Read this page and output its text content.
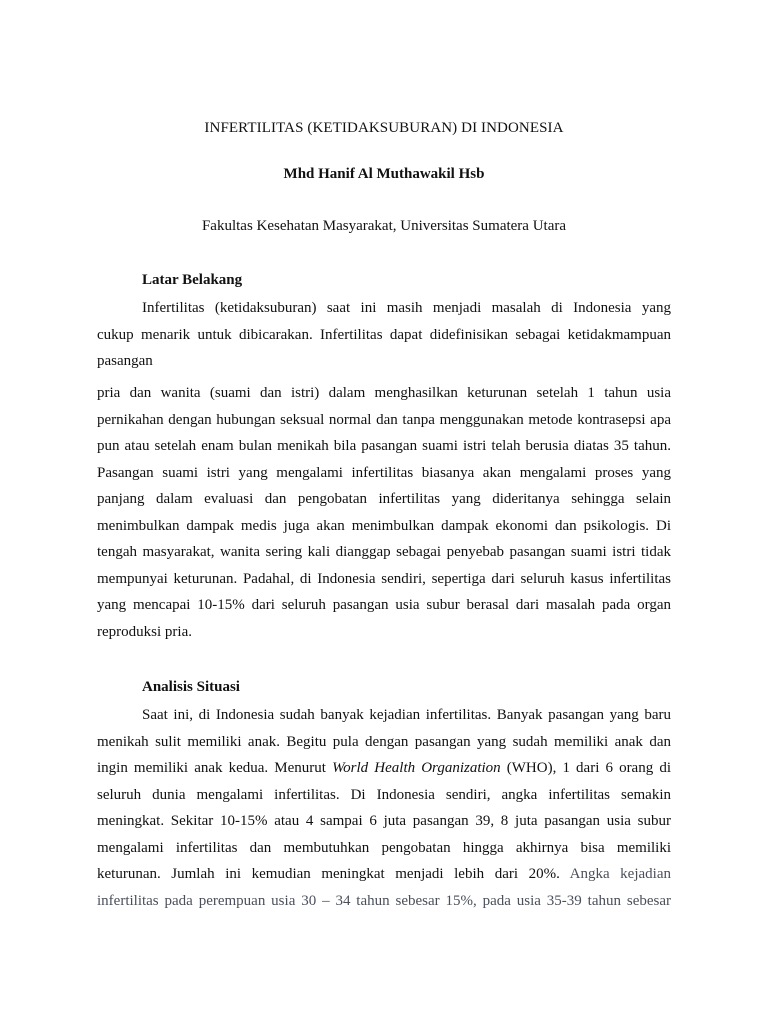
INFERTILITAS (KETIDAKSUBURAN) DI INDONESIA
Mhd Hanif Al Muthawakil Hsb
Fakultas Kesehatan Masyarakat, Universitas Sumatera Utara
Latar Belakang
Infertilitas (ketidaksuburan) saat ini masih menjadi masalah di Indonesia yang
cukup menarik untuk dibicarakan. Infertilitas dapat didefinisikan sebagai ketidakmampuan
pasangan
pria dan wanita (suami dan istri) dalam menghasilkan keturunan setelah 1 tahun usia
pernikahan dengan hubungan seksual normal dan tanpa menggunakan metode kontrasepsi apa
pun atau setelah enam bulan menikah bila pasangan suami istri telah berusia diatas 35 tahun.
Pasangan suami istri yang mengalami infertilitas biasanya akan mengalami proses yang
panjang dalam evaluasi dan pengobatan infertilitas yang dideritanya sehingga selain
menimbulkan dampak medis juga akan menimbulkan dampak ekonomi dan psikologis. Di
tengah masyarakat, wanita sering kali dianggap sebagai penyebab pasangan suami istri tidak
mempunyai keturunan. Padahal, di Indonesia sendiri, sepertiga dari seluruh kasus infertilitas
yang mencapai 10-15% dari seluruh pasangan usia subur berasal dari masalah pada organ
reproduksi pria.
Analisis Situasi
Saat ini, di Indonesia sudah banyak kejadian infertilitas. Banyak pasangan yang baru
menikah sulit memiliki anak. Begitu pula dengan pasangan yang sudah memiliki anak dan
ingin memiliki anak kedua. Menurut World Health Organization (WHO), 1 dari 6 orang di
seluruh dunia mengalami infertilitas. Di Indonesia sendiri, angka infertilitas semakin
meningkat. Sekitar 10-15% atau 4 sampai 6 juta pasangan 39, 8 juta pasangan usia subur
mengalami infertilitas dan membutuhkan pengobatan hingga akhirnya bisa memiliki
keturunan. Jumlah ini kemudian meningkat menjadi lebih dari 20%. Angka kejadian
infertilitas pada perempuan usia 30 – 34 tahun sebesar 15%, pada usia 35-39 tahun sebesar
